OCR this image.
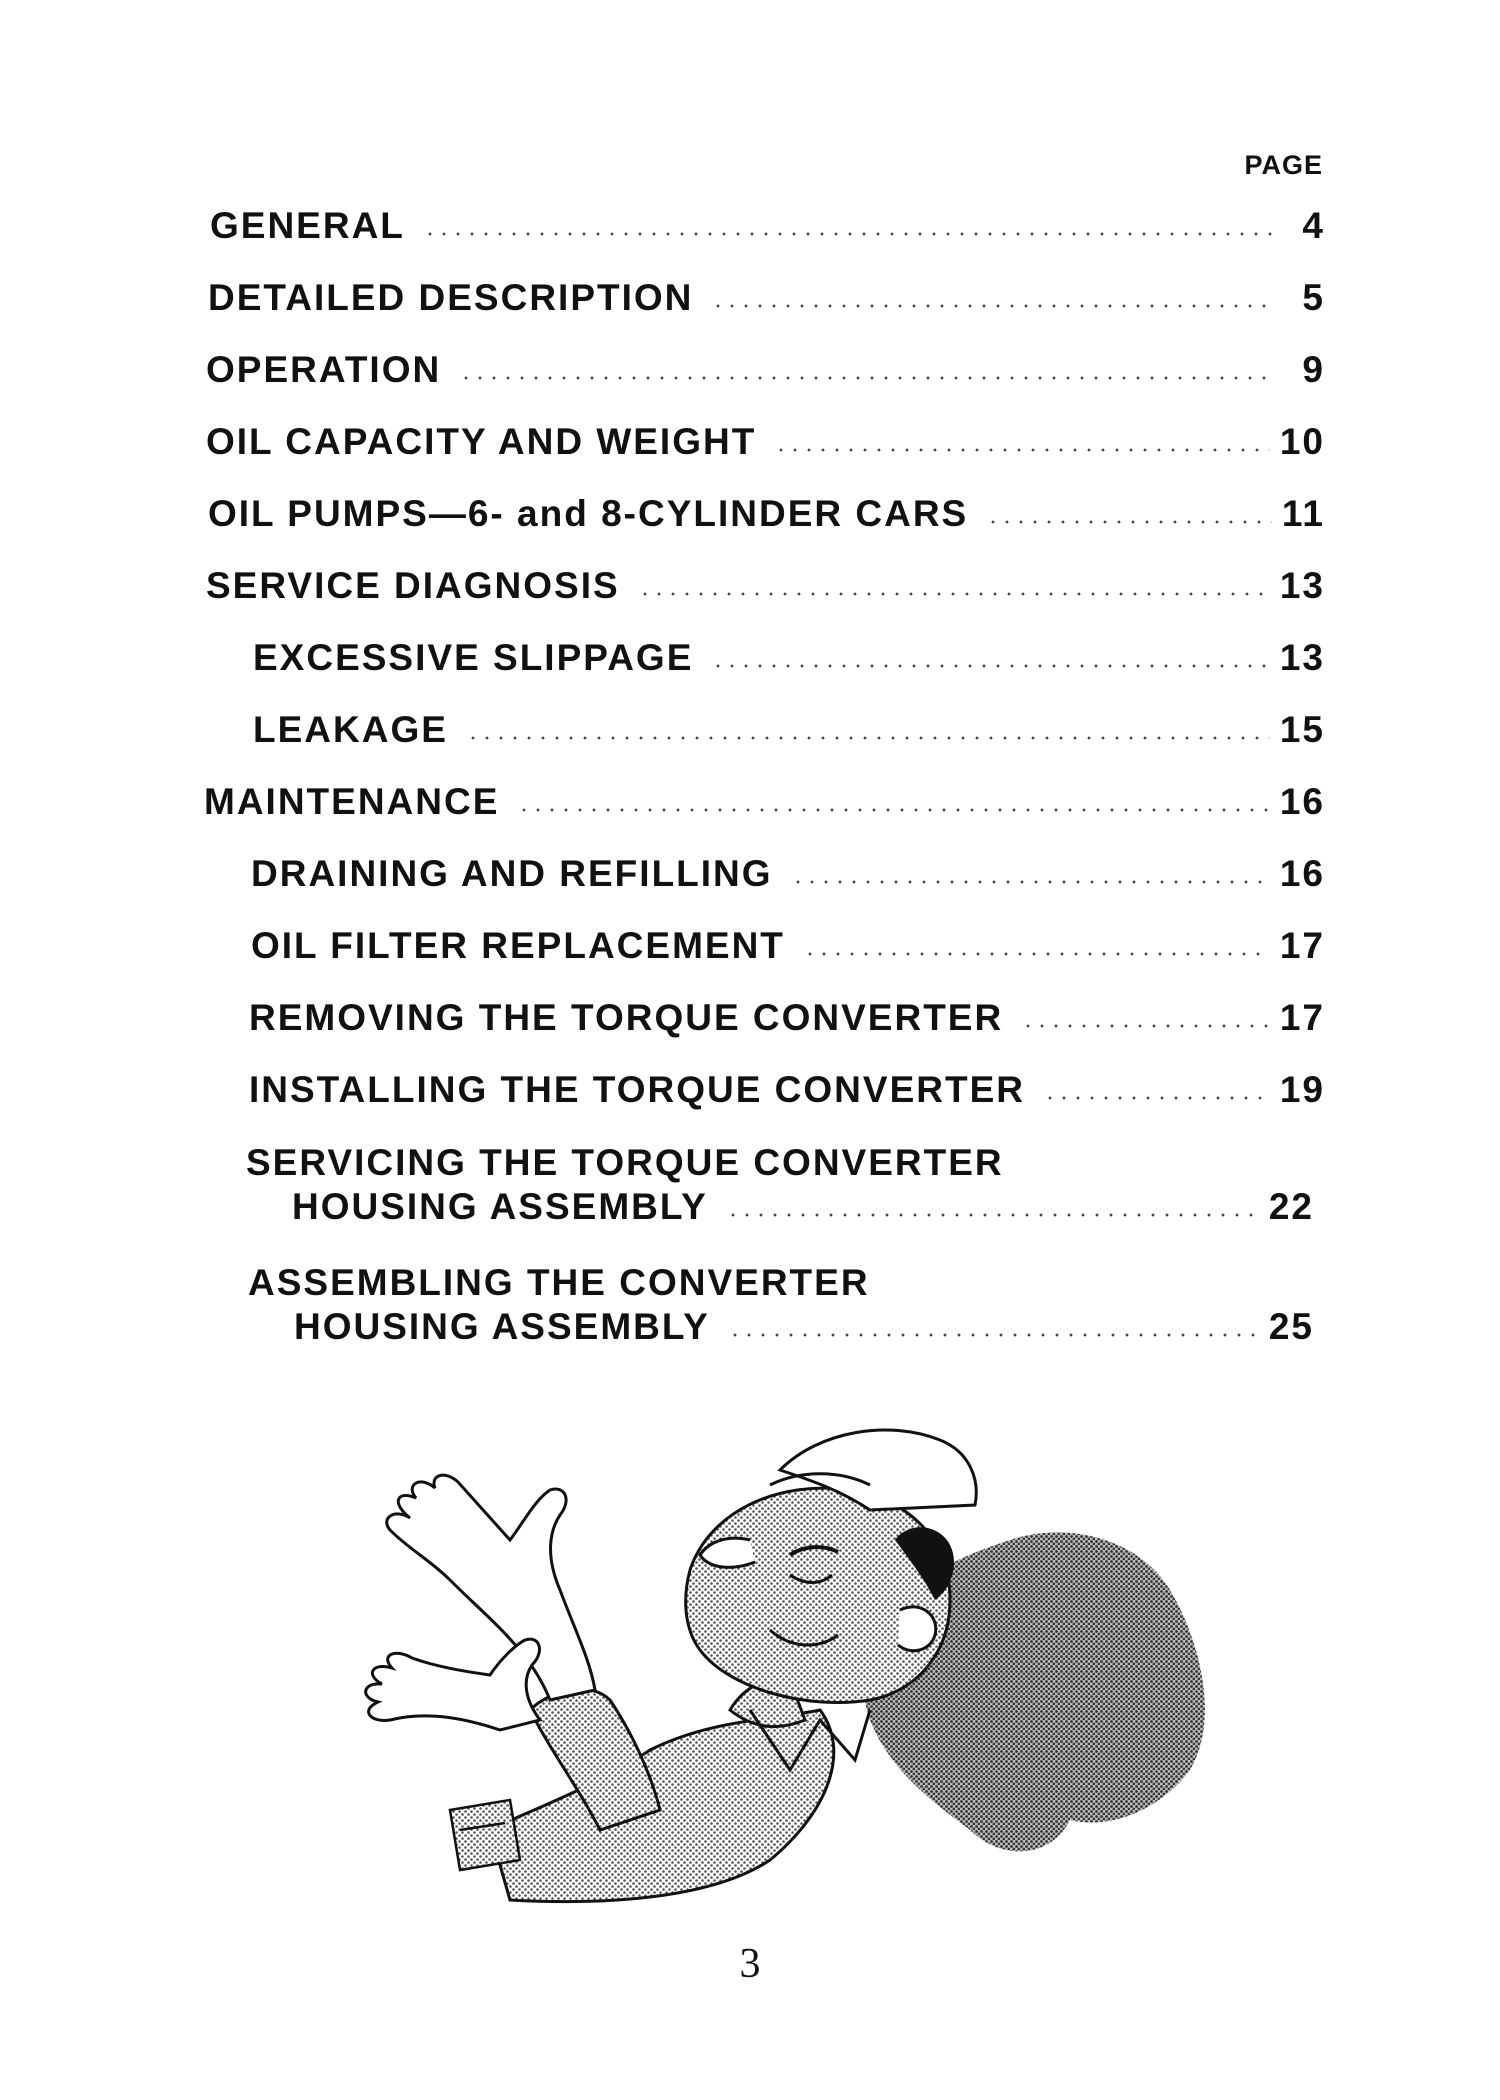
PAGE
GENERAL	4
DETAILED DESCRIPTION	5
OPERATION	9
OIL CAPACITY AND WEIGHT	10
OIL PUMPS—6- and 8-CYLINDER CARS	11
SERVICE DIAGNOSIS	13
EXCESSIVE SLIPPAGE	13
LEAKAGE	15
MAINTENANCE	16
DRAINING AND REFILLING	16
OIL FILTER REPLACEMENT	17
REMOVING THE TORQUE CONVERTER	17
INSTALLING THE TORQUE CONVERTER	19
SERVICING THE TORQUE CONVERTER
HOUSING ASSEMBLY	22
ASSEMBLING THE CONVERTER
HOUSING ASSEMBLY	25
3
